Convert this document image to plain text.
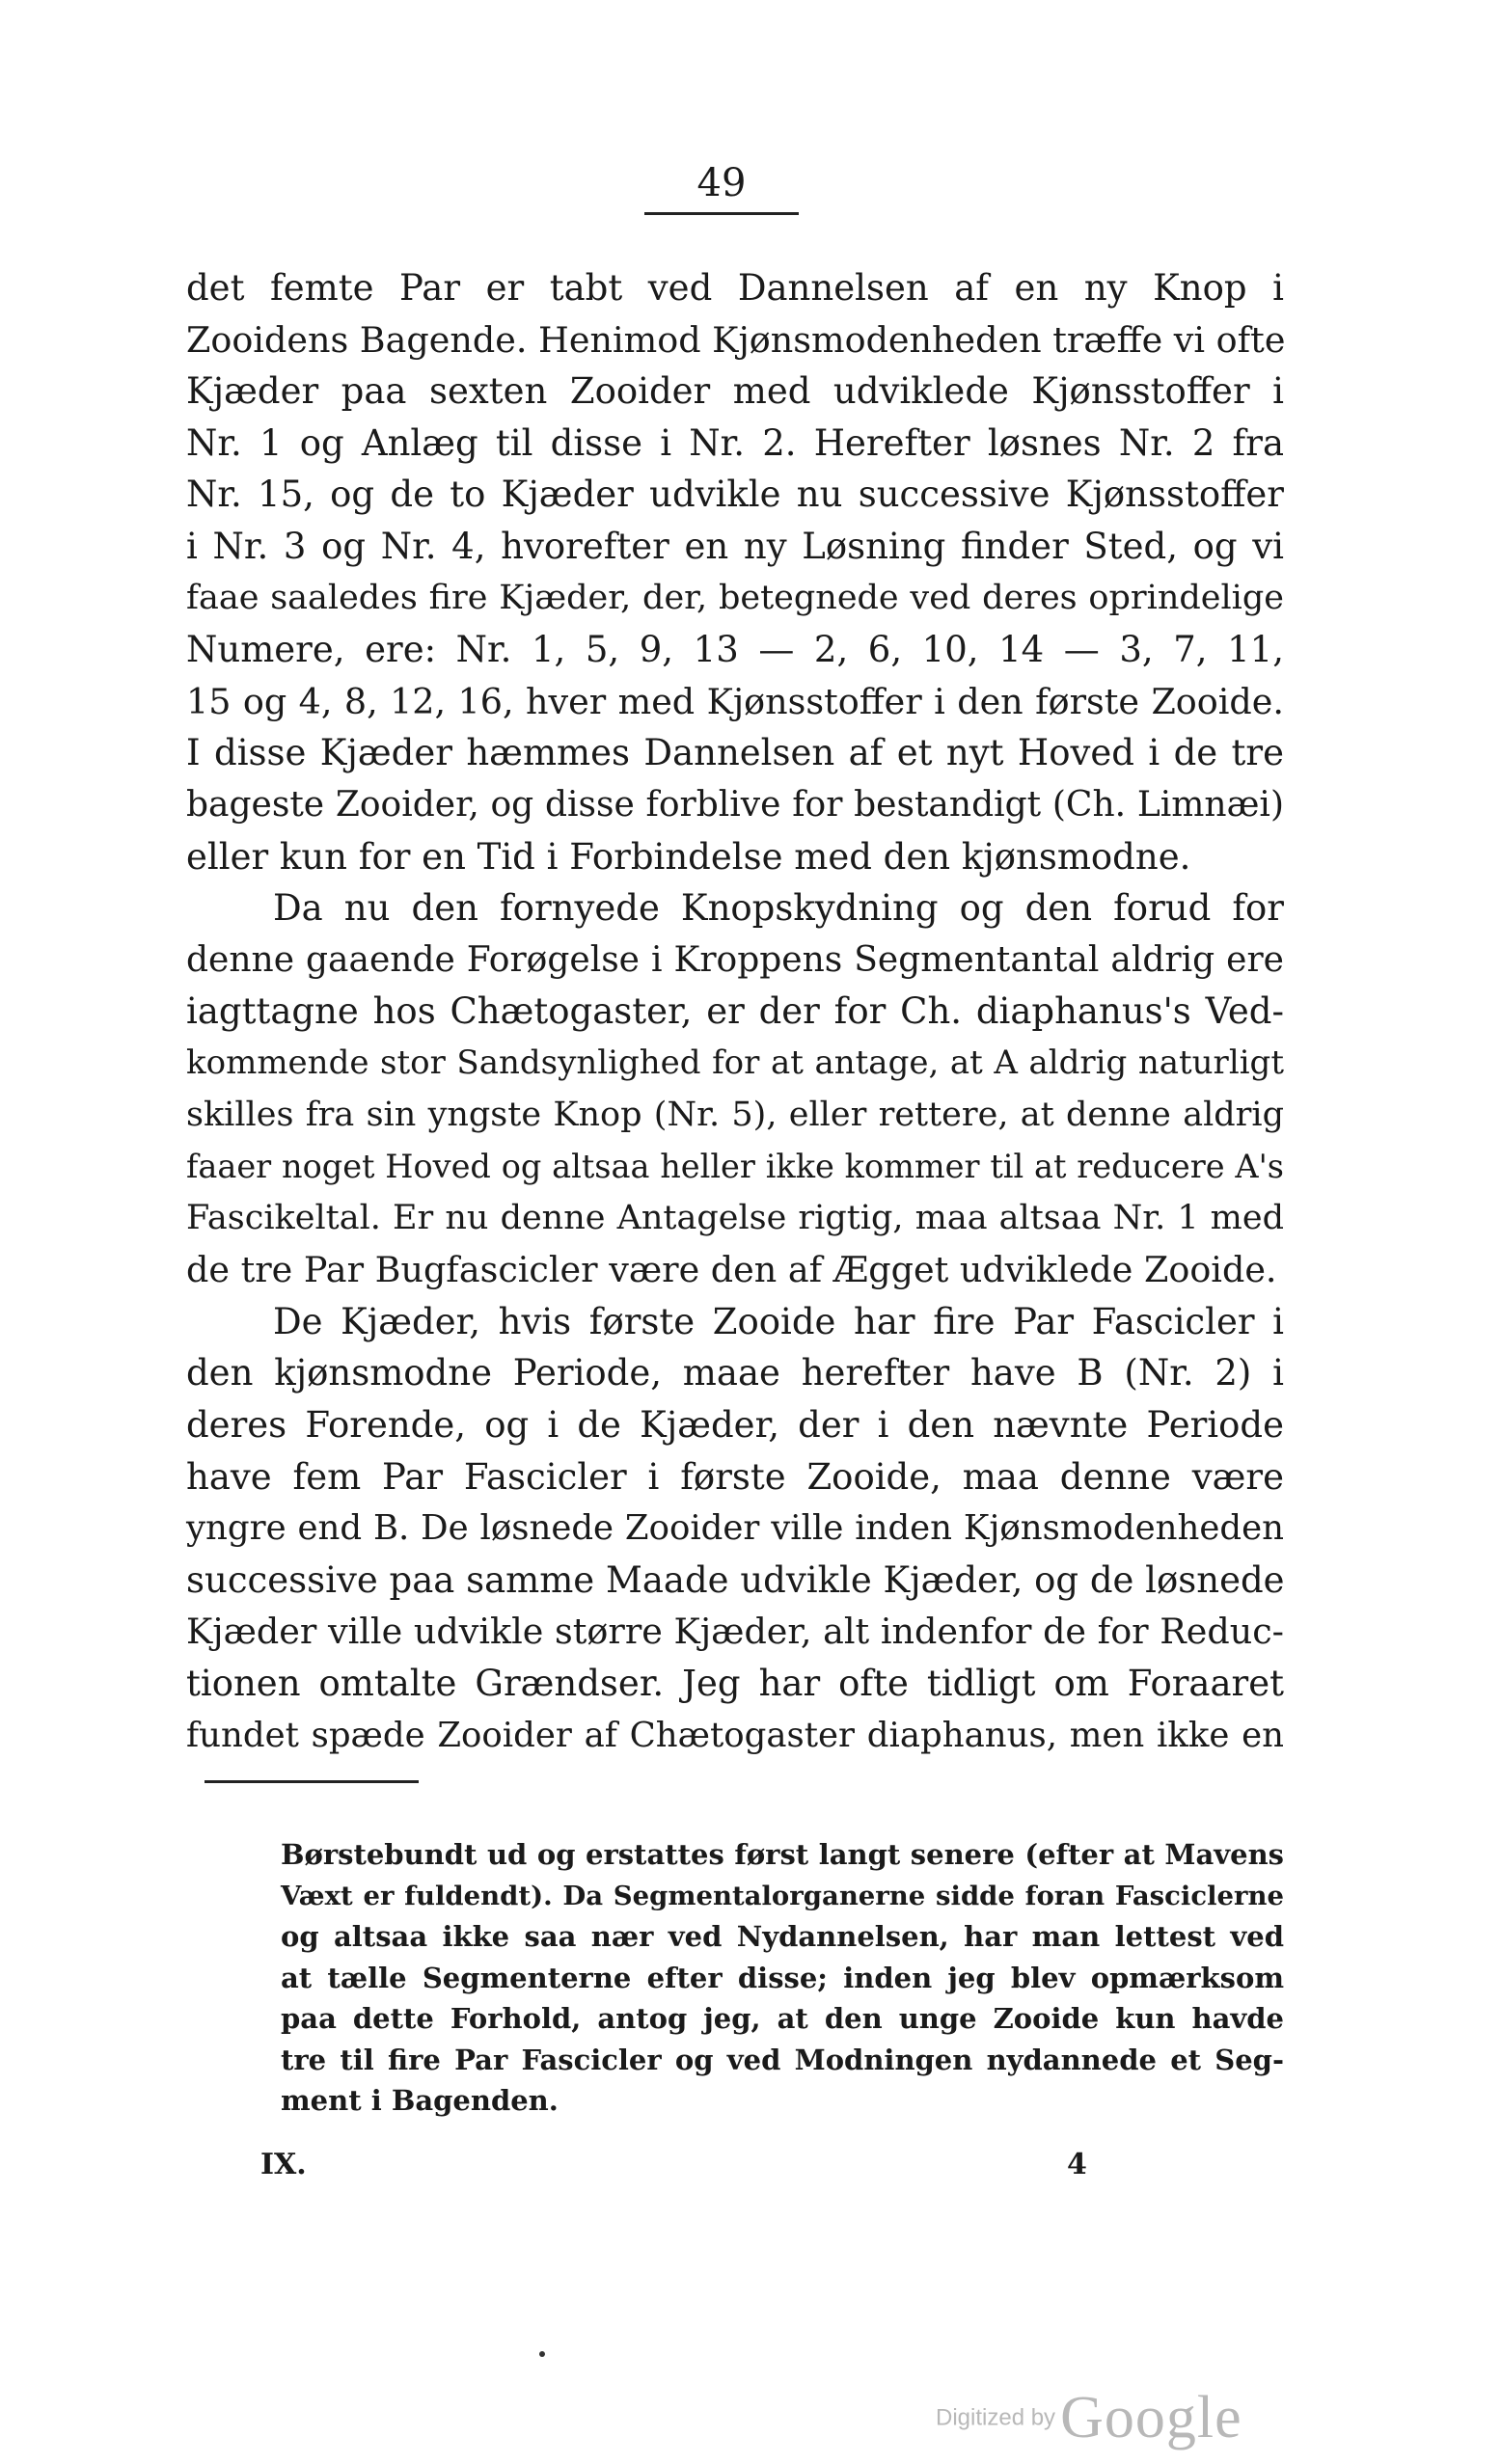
49
det femte Par er tabt ved Dannelsen af en ny Knop i
Zooidens Bagende. Henimod Kjønsmodenheden træffe vi ofte
Kjæder paa sexten Zooider med udviklede Kjønsstoffer i
Nr. 1 og Anlæg til disse i Nr. 2. Herefter løsnes Nr. 2 fra
Nr. 15, og de to Kjæder udvikle nu successive Kjønsstoffer
i Nr. 3 og Nr. 4, hvorefter en ny Løsning finder Sted, og vi
faae saaledes fire Kjæder, der, betegnede ved deres oprindelige
Numere, ere: Nr. 1, 5, 9, 13 — 2, 6, 10, 14 — 3, 7, 11,
15 og 4, 8, 12, 16, hver med Kjønsstoffer i den første Zooide.
I disse Kjæder hæmmes Dannelsen af et nyt Hoved i de tre
bageste Zooider, og disse forblive for bestandigt (Ch. Limnæi)
eller kun for en Tid i Forbindelse med den kjønsmodne.
Da nu den fornyede Knopskydning og den forud for
denne gaaende Forøgelse i Kroppens Segmentantal aldrig ere
iagttagne hos Chætogaster, er der for Ch. diaphanus's Ved-
kommende stor Sandsynlighed for at antage, at A aldrig naturligt
skilles fra sin yngste Knop (Nr. 5), eller rettere, at denne aldrig
faaer noget Hoved og altsaa heller ikke kommer til at reducere A's
Fascikeltal. Er nu denne Antagelse rigtig, maa altsaa Nr. 1 med
de tre Par Bugfascicler være den af Ægget udviklede Zooide.
De Kjæder, hvis første Zooide har fire Par Fascicler i
den kjønsmodne Periode, maae herefter have B (Nr. 2) i
deres Forende, og i de Kjæder, der i den nævnte Periode
have fem Par Fascicler i første Zooide, maa denne være
yngre end B. De løsnede Zooider ville inden Kjønsmodenheden
successive paa samme Maade udvikle Kjæder, og de løsnede
Kjæder ville udvikle større Kjæder, alt indenfor de for Reduc-
tionen omtalte Grændser. Jeg har ofte tidligt om Foraaret
fundet spæde Zooider af Chætogaster diaphanus, men ikke en
Børstebundt ud og erstattes først langt senere (efter at Mavens
Væxt er fuldendt). Da Segmentalorganerne sidde foran Fasciclerne
og altsaa ikke saa nær ved Nydannelsen, har man lettest ved
at tælle Segmenterne efter disse; inden jeg blev opmærksom
paa dette Forhold, antog jeg, at den unge Zooide kun havde
tre til fire Par Fascicler og ved Modningen nydannede et Seg-
ment i Bagenden.
IX.	4
Digitized by Google
